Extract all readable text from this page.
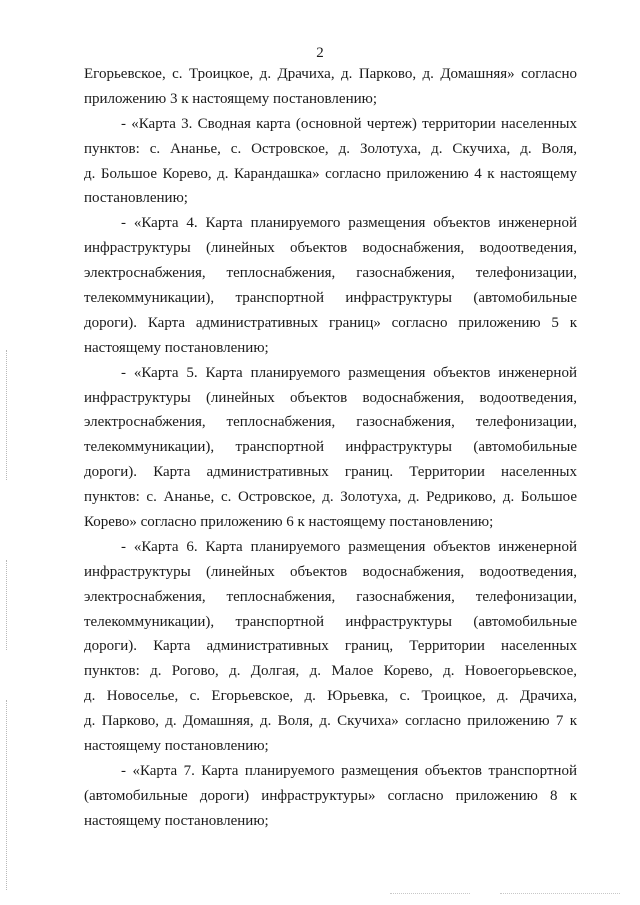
2
Егорьевское, с. Троицкое, д. Драчиха, д. Парково, д. Домашняя» согласно
приложению 3 к настоящему постановлению;
- «Карта 3. Сводная карта (основной чертеж) территории населенных
пунктов: с. Ананье, с. Островское, д. Золотуха, д. Скучиха, д. Воля,
д. Большое Корево, д. Карандашка» согласно приложению 4 к настоящему
постановлению;
- «Карта 4. Карта планируемого размещения объектов инженерной
инфраструктуры (линейных объектов водоснабжения, водоотведения,
электроснабжения, теплоснабжения, газоснабжения, телефонизации,
телекоммуникации), транспортной инфраструктуры (автомобильные
дороги). Карта административных границ» согласно приложению 5 к
настоящему постановлению;
- «Карта 5. Карта планируемого размещения объектов инженерной
инфраструктуры (линейных объектов водоснабжения, водоотведения,
электроснабжения, теплоснабжения, газоснабжения, телефонизации,
телекоммуникации), транспортной инфраструктуры (автомобильные
дороги). Карта административных границ. Территории населенных
пунктов: с. Ананье, с. Островское, д. Золотуха, д. Редриково, д. Большое
Корево» согласно приложению 6 к настоящему постановлению;
- «Карта 6. Карта планируемого размещения объектов инженерной
инфраструктуры (линейных объектов водоснабжения, водоотведения,
электроснабжения, теплоснабжения, газоснабжения, телефонизации,
телекоммуникации), транспортной инфраструктуры (автомобильные
дороги). Карта административных границ, Территории населенных
пунктов: д. Рогово, д. Долгая, д. Малое Корево, д. Новоегорьевское,
д. Новоселье, с. Егорьевское, д. Юрьевка, с. Троицкое, д. Драчиха,
д. Парково, д. Домашняя, д. Воля, д. Скучиха» согласно приложению 7 к
настоящему постановлению;
- «Карта 7. Карта планируемого размещения объектов транспортной
(автомобильные дороги) инфраструктуры» согласно приложению 8 к
настоящему постановлению;
